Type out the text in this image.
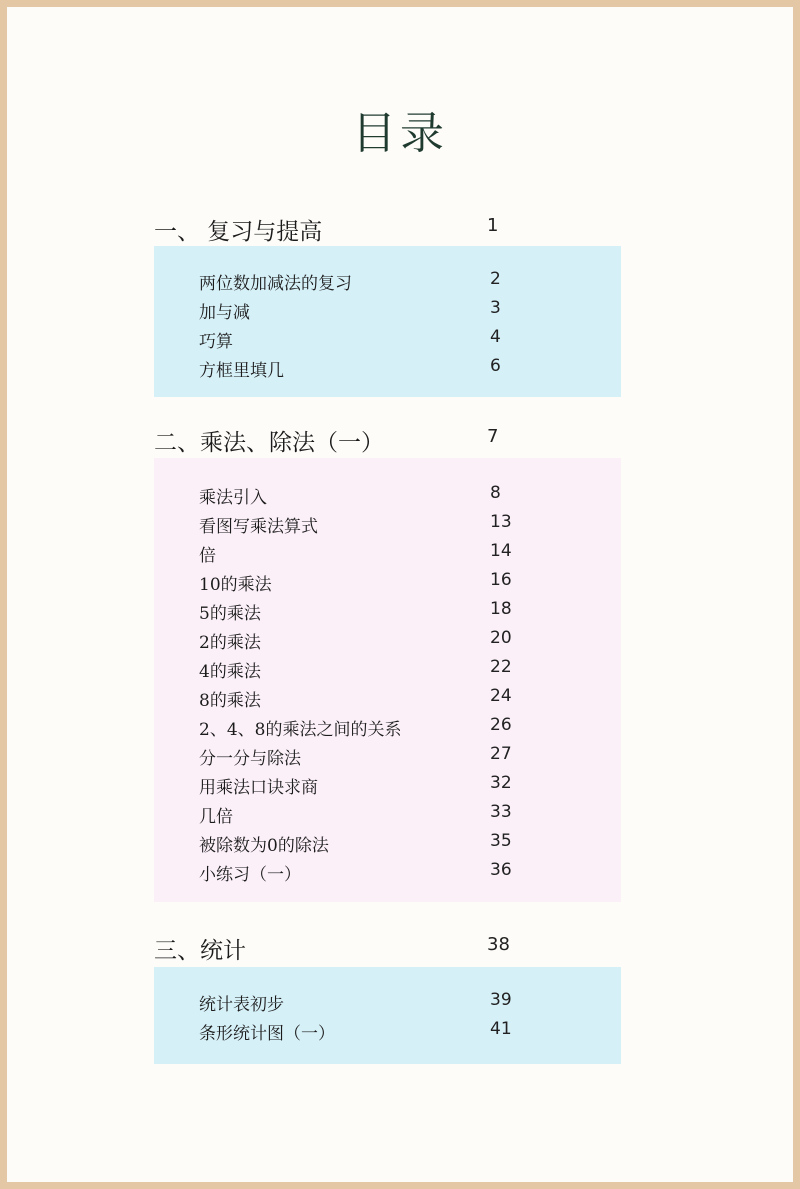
目录
一、 复习与提高	1
两位数加减法的复习	2
加与减	3
巧算	4
方框里填几	6
二、乘法、除法（一）	7
乘法引入	8
看图写乘法算式	13
倍	14
10的乘法	16
5的乘法	18
2的乘法	20
4的乘法	22
8的乘法	24
2、4、8的乘法之间的关系	26
分一分与除法	27
用乘法口诀求商	32
几倍	33
被除数为0的除法	35
小练习（一）	36
三、统计	38
统计表初步	39
条形统计图（一）	41
